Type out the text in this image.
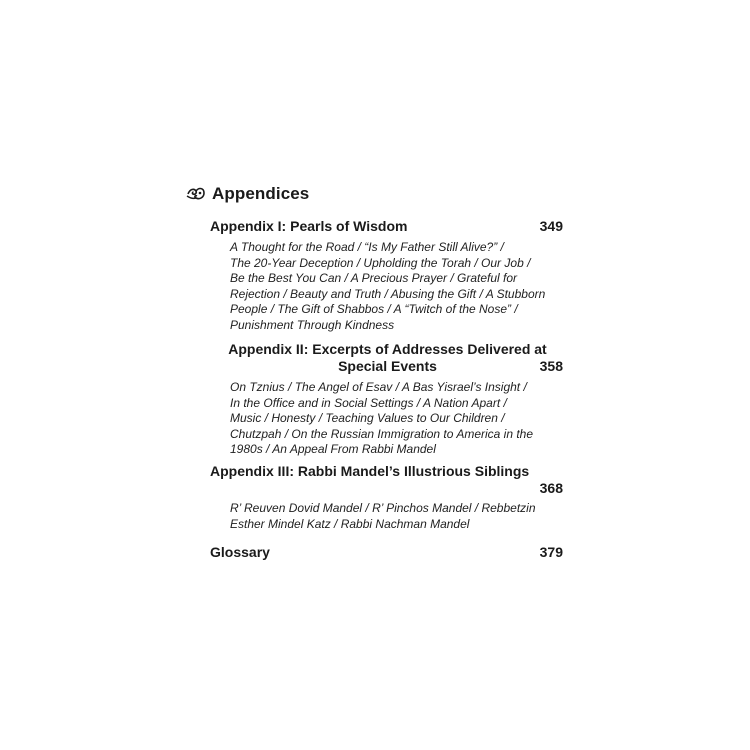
Appendices
Appendix I: Pearls of Wisdom	349
A Thought for the Road / “Is My Father Still Alive?” /
The 20-Year Deception / Upholding the Torah / Our Job /
Be the Best You Can / A Precious Prayer / Grateful for
Rejection / Beauty and Truth / Abusing the Gift / A Stubborn
People / The Gift of Shabbos / A “Twitch of the Nose” /
Punishment Through Kindness
Appendix II: Excerpts of Addresses Delivered at
Special Events	358
On Tznius / The Angel of Esav / A Bas Yisrael’s Insight /
In the Office and in Social Settings / A Nation Apart /
Music / Honesty / Teaching Values to Our Children /
Chutzpah / On the Russian Immigration to America in the
1980s / An Appeal From Rabbi Mandel
Appendix III: Rabbi Mandel’s Illustrious Siblings
368
R’ Reuven Dovid Mandel / R’ Pinchos Mandel / Rebbetzin
Esther Mindel Katz / Rabbi Nachman Mandel
Glossary	379
